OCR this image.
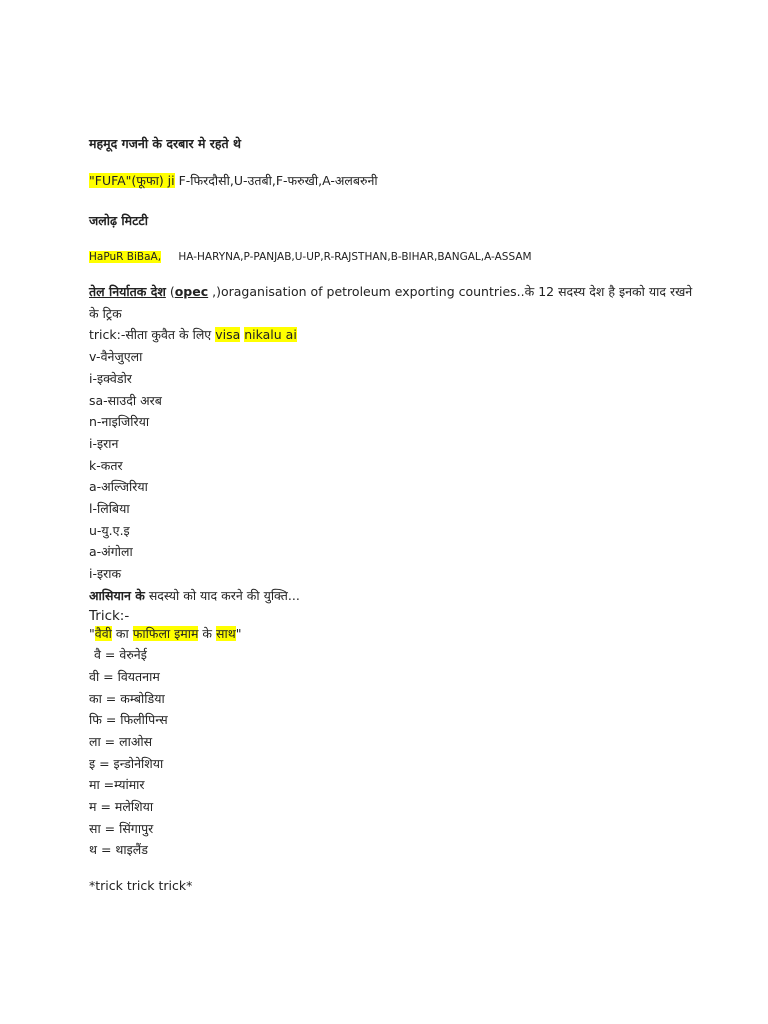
महमूद गजनी के दरबार मे रहते थे
"FUFA"(फूफा) ji F-फिरदौसी,U-उतबी,F-फरुखी,A-अलबरुनी
जलोढ़ मिटटी
HaPuR BiBaA, HA-HARYNA,P-PANJAB,U-UP,R-RAJSTHAN,B-BIHAR,BANGAL,A-ASSAM
तेल निर्यातक देश (opec ,)oraganisation of petroleum exporting countries..के 12 सदस्य देश है इनको याद रखने
के ट्रिक
trick:-सीता कुवैत के लिए visa nikalu ai
v-वैनेजुएला
i-इक्वेडोर
sa-साउदी अरब
n-नाइजिरिया
i-इरान
k-कतर
a-अल्जिरिया
l-लिबिया
u-यु.ए.इ
a-अंगोला
i-इराक
आसियान के सदस्यो को याद करने की युक्ति...
Trick:-
"वैवी का फाफिला इमाम के साथ"
वै = वेरुनेई
वी = वियतनाम
का = कम्बोडिया
फि = फिलीपिन्स
ला = लाओस
इ = इन्डोनेशिया
मा =म्यांमार
म = मलेशिया
सा = सिंगापुर
थ = थाइलैंड
*trick trick trick*
